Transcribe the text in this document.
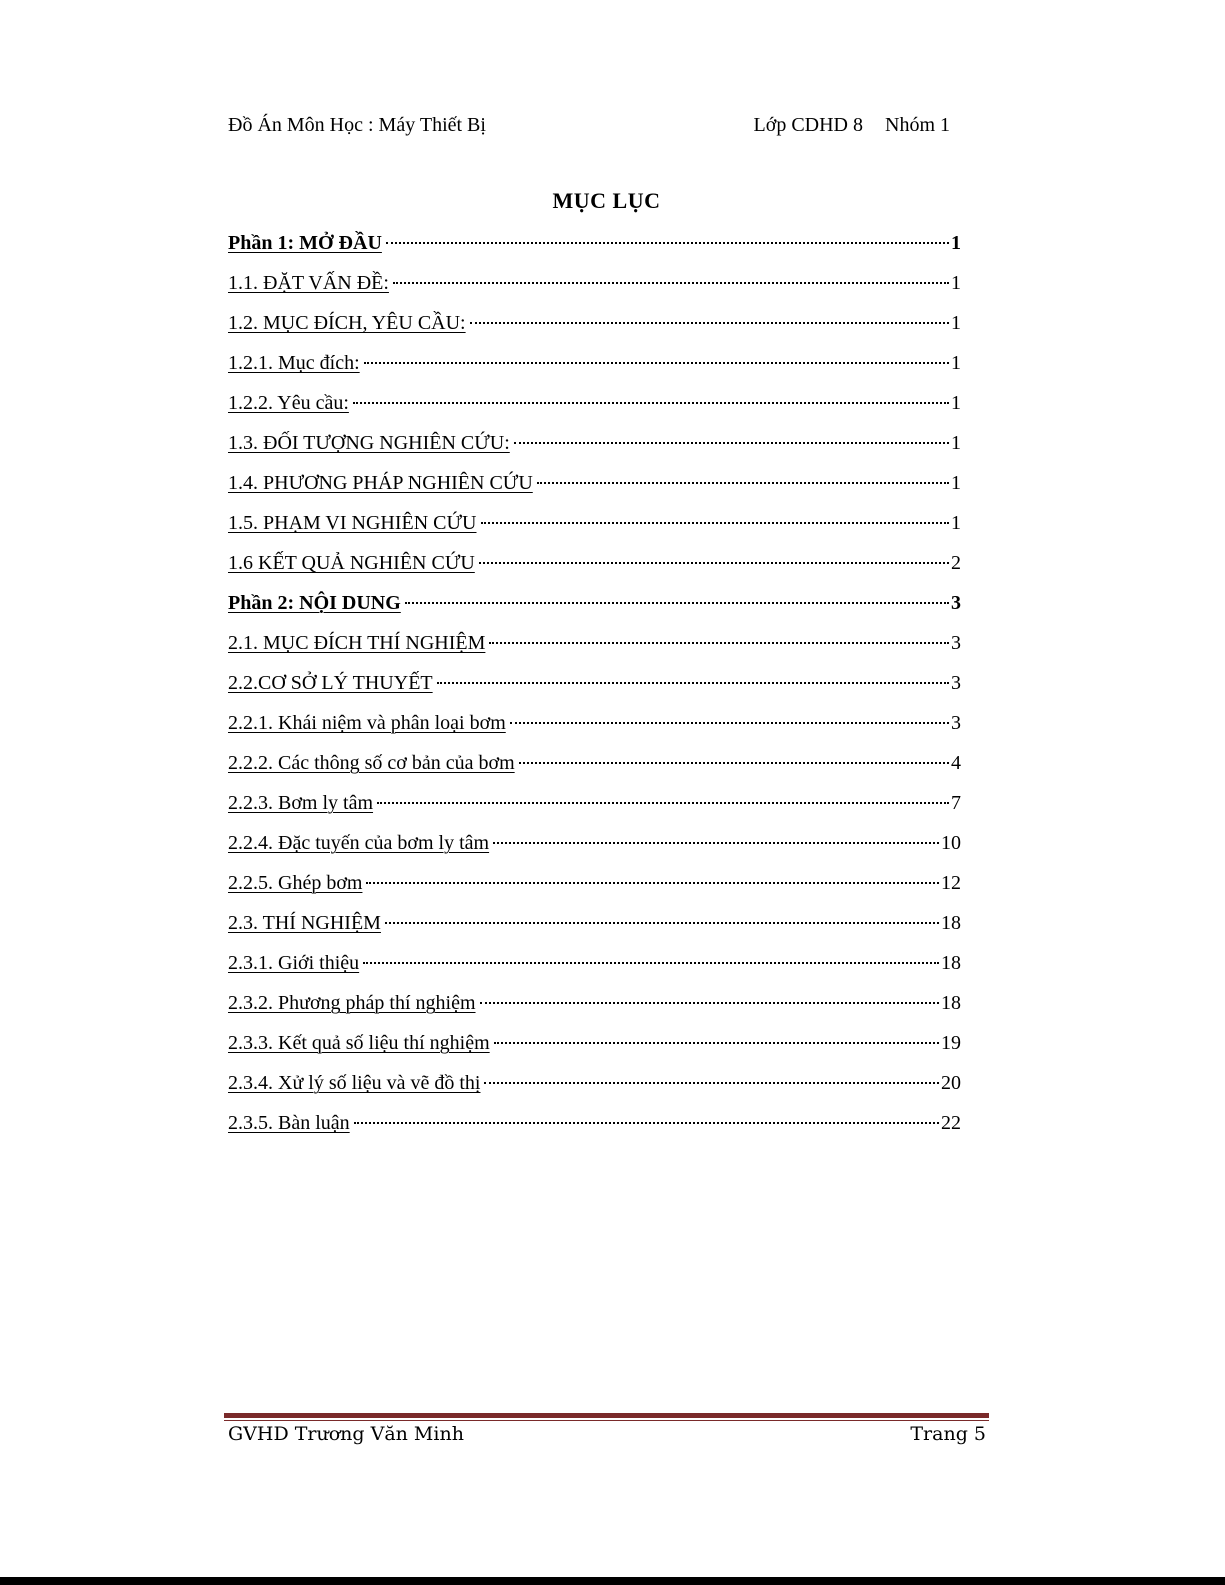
Đồ Án Môn Học : Máy Thiết Bị	Lớp CDHD 8 Nhóm 1
MỤC LỤC
Phần 1: MỞ ĐẦU	1
1.1. ĐẶT VẤN ĐỀ:	1
1.2. MỤC ĐÍCH, YÊU CẦU:	1
1.2.1. Mục đích:	1
1.2.2. Yêu cầu:	1
1.3. ĐỐI TƯỢNG NGHIÊN CỨU:	1
1.4. PHƯƠNG PHÁP NGHIÊN CỨU	1
1.5. PHẠM VI NGHIÊN CỨU	1
1.6 KẾT QUẢ NGHIÊN CỨU	2
Phần 2: NỘI DUNG	3
2.1. MỤC ĐÍCH THÍ NGHIỆM	3
2.2.CƠ SỞ LÝ THUYẾT	3
2.2.1. Khái niệm và phân loại bơm	3
2.2.2. Các thông số cơ bản của bơm	4
2.2.3. Bơm ly tâm	7
2.2.4. Đặc tuyến của bơm ly tâm	10
2.2.5. Ghép bơm	12
2.3. THÍ NGHIỆM	18
2.3.1. Giới thiệu	18
2.3.2. Phương pháp thí nghiệm	18
2.3.3. Kết quả số liệu thí nghiệm	19
2.3.4. Xử lý số liệu và vẽ đồ thị	20
2.3.5. Bàn luận	22
GVHD Trương Văn Minh	Trang 5
